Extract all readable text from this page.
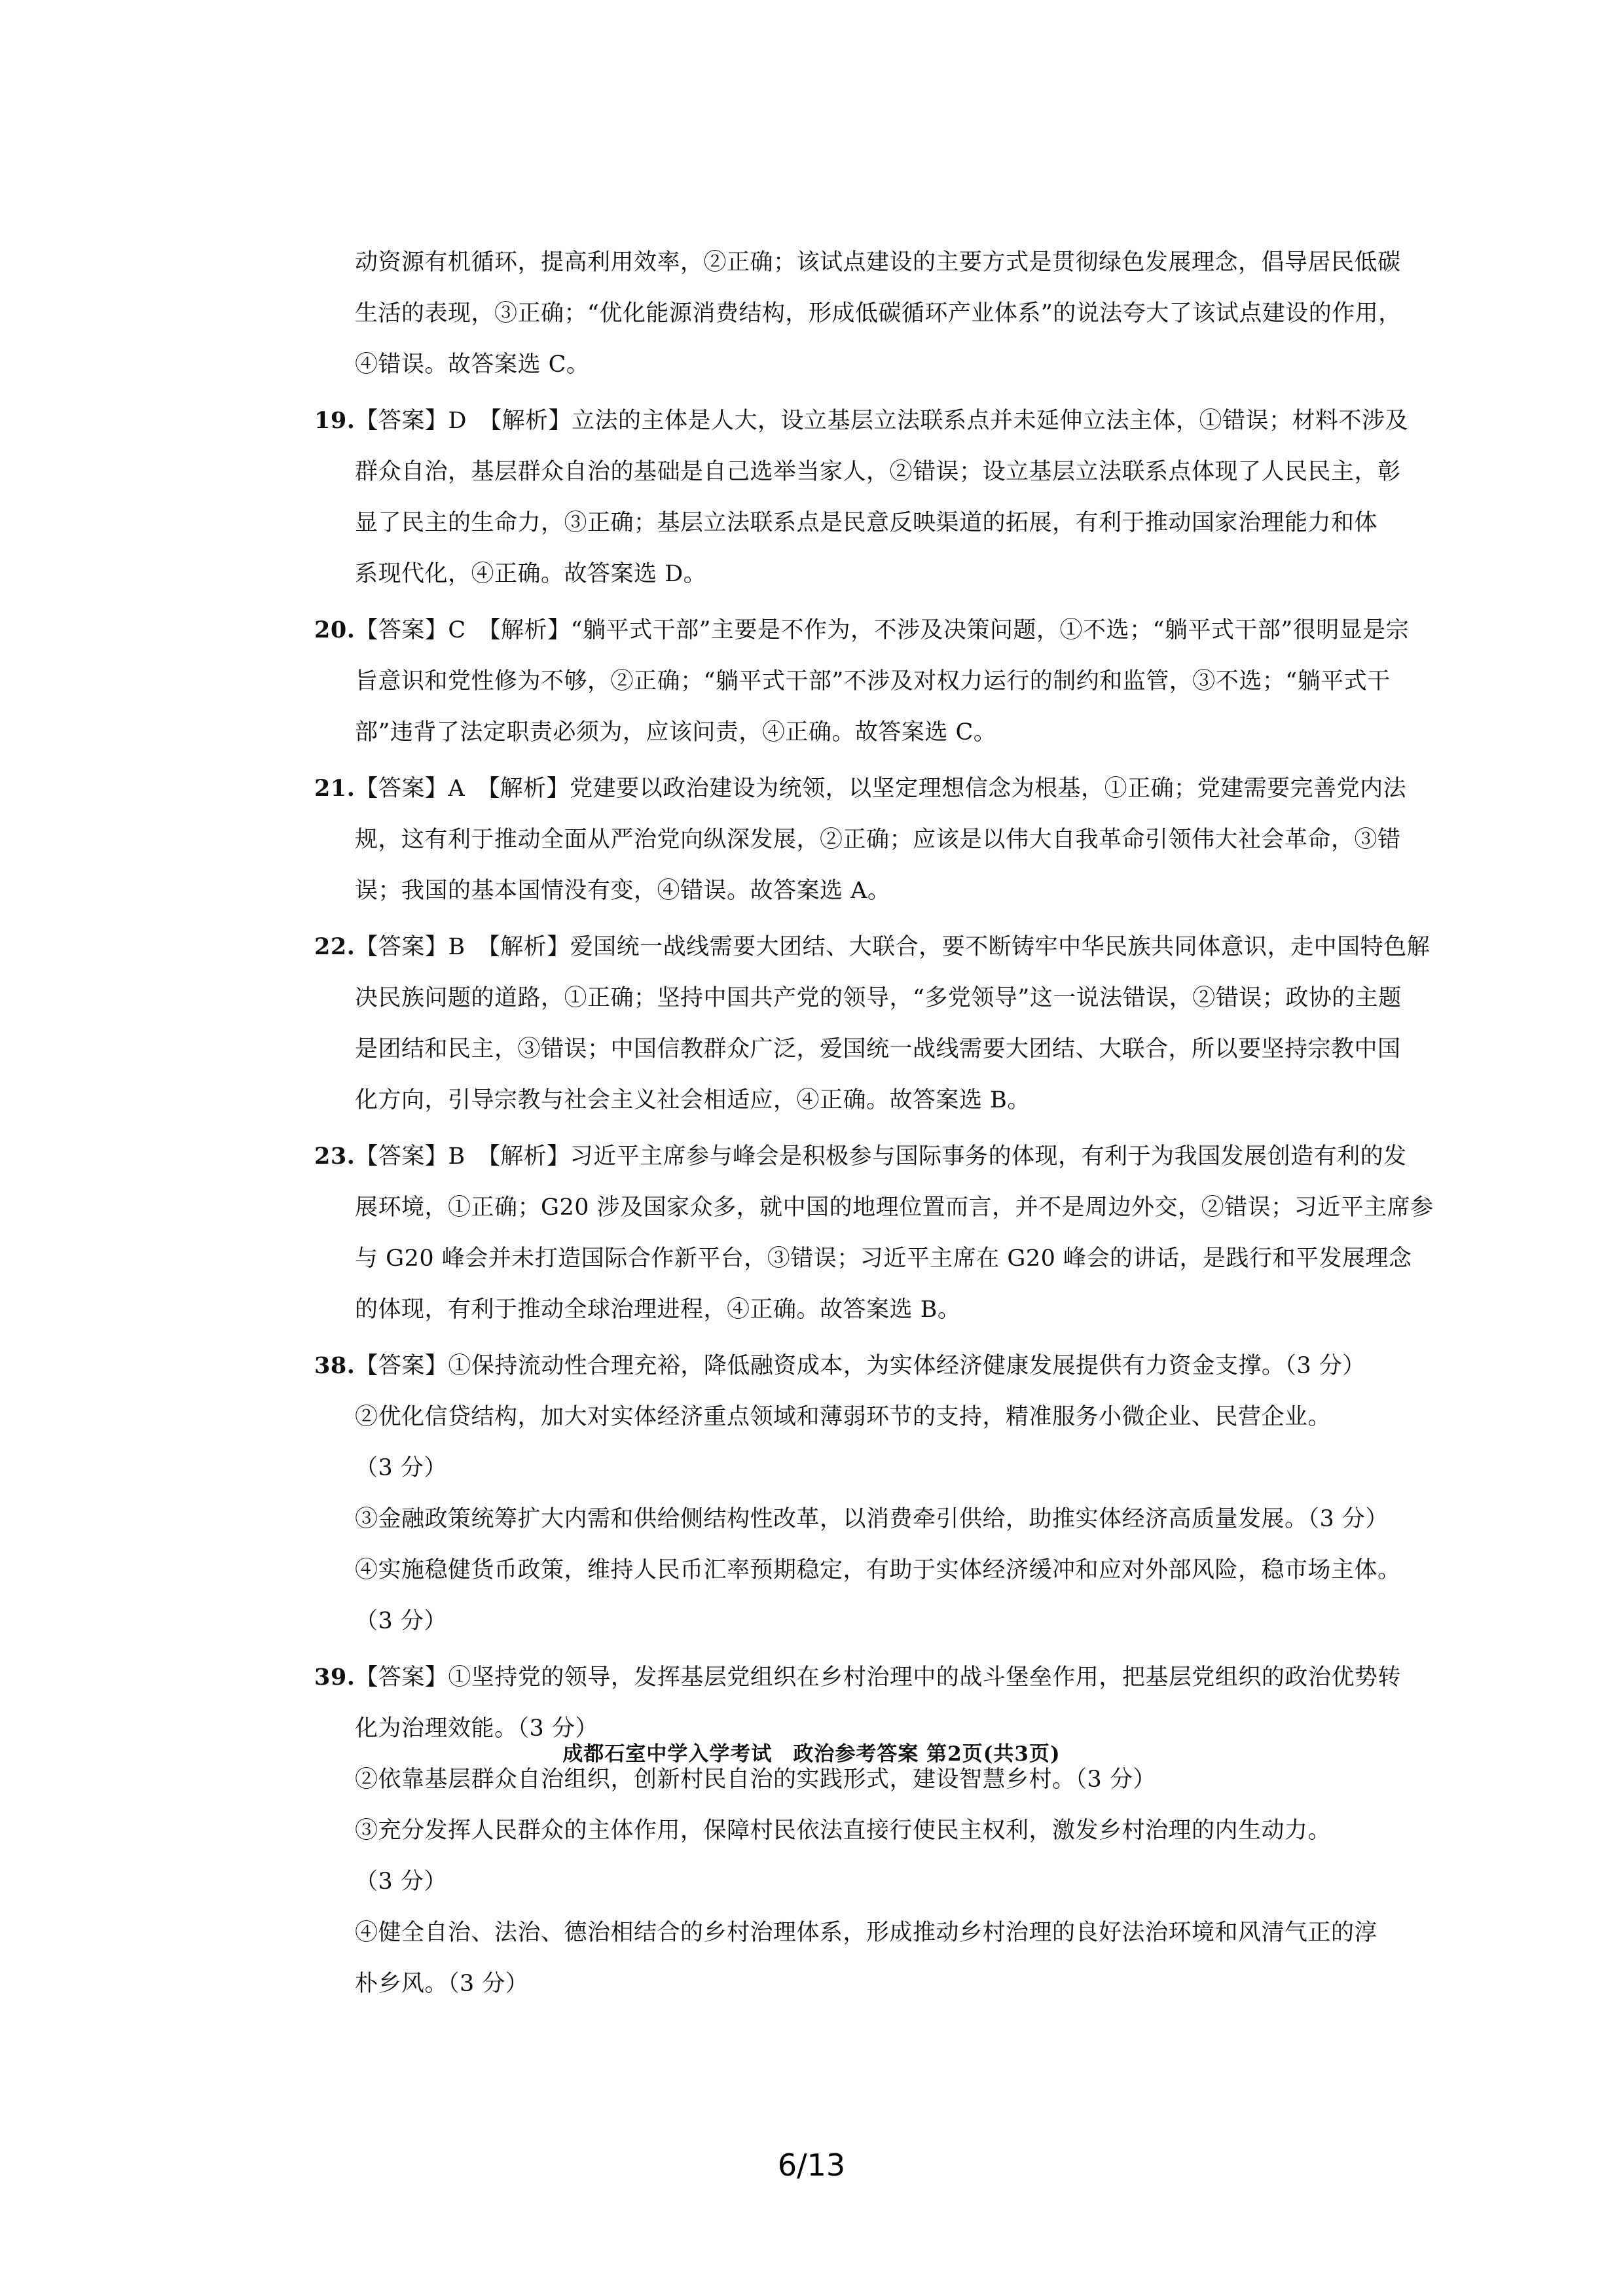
动资源有机循环，提高利用效率，②正确；该试点建设的主要方式是贯彻绿色发展理念，倡导居民低碳
生活的表现，③正确；“优化能源消费结构，形成低碳循环产业体系”的说法夸大了该试点建设的作用，
④错误。故答案选 C。
19.【答案】D　【解析】立法的主体是人大，设立基层立法联系点并未延伸立法主体，①错误；材料不涉及
群众自治，基层群众自治的基础是自己选举当家人，②错误；设立基层立法联系点体现了人民民主，彰
显了民主的生命力，③正确；基层立法联系点是民意反映渠道的拓展，有利于推动国家治理能力和体
系现代化，④正确。故答案选 D。
20.【答案】C　【解析】“躺平式干部”主要是不作为，不涉及决策问题，①不选；“躺平式干部”很明显是宗
旨意识和党性修为不够，②正确；“躺平式干部”不涉及对权力运行的制约和监管，③不选；“躺平式干
部”违背了法定职责必须为，应该问责，④正确。故答案选 C。
21.【答案】A　【解析】党建要以政治建设为统领，以坚定理想信念为根基，①正确；党建需要完善党内法
规，这有利于推动全面从严治党向纵深发展，②正确；应该是以伟大自我革命引领伟大社会革命，③错
误；我国的基本国情没有变，④错误。故答案选 A。
22.【答案】B　【解析】爱国统一战线需要大团结、大联合，要不断铸牢中华民族共同体意识，走中国特色解
决民族问题的道路，①正确；坚持中国共产党的领导，“多党领导”这一说法错误，②错误；政协的主题
是团结和民主，③错误；中国信教群众广泛，爱国统一战线需要大团结、大联合，所以要坚持宗教中国
化方向，引导宗教与社会主义社会相适应，④正确。故答案选 B。
23.【答案】B　【解析】习近平主席参与峰会是积极参与国际事务的体现，有利于为我国发展创造有利的发
展环境，①正确；G20 涉及国家众多，就中国的地理位置而言，并不是周边外交，②错误；习近平主席参
与 G20 峰会并未打造国际合作新平台，③错误；习近平主席在 G20 峰会的讲话，是践行和平发展理念
的体现，有利于推动全球治理进程，④正确。故答案选 B。
38.【答案】①保持流动性合理充裕，降低融资成本，为实体经济健康发展提供有力资金支撑。（3 分）
②优化信贷结构，加大对实体经济重点领域和薄弱环节的支持，精准服务小微企业、民营企业。
（3 分）
③金融政策统筹扩大内需和供给侧结构性改革，以消费牵引供给，助推实体经济高质量发展。（3 分）
④实施稳健货币政策，维持人民币汇率预期稳定，有助于实体经济缓冲和应对外部风险，稳市场主体。
（3 分）
39.【答案】①坚持党的领导，发挥基层党组织在乡村治理中的战斗堡垒作用，把基层党组织的政治优势转
化为治理效能。（3 分）
②依靠基层群众自治组织，创新村民自治的实践形式，建设智慧乡村。（3 分）
③充分发挥人民群众的主体作用，保障村民依法直接行使民主权利，激发乡村治理的内生动力。
（3 分）
④健全自治、法治、德治相结合的乡村治理体系，形成推动乡村治理的良好法治环境和风清气正的淳
朴乡风。（3 分）
成都石室中学入学考试　政治参考答案 第2页(共3页)
6/13
